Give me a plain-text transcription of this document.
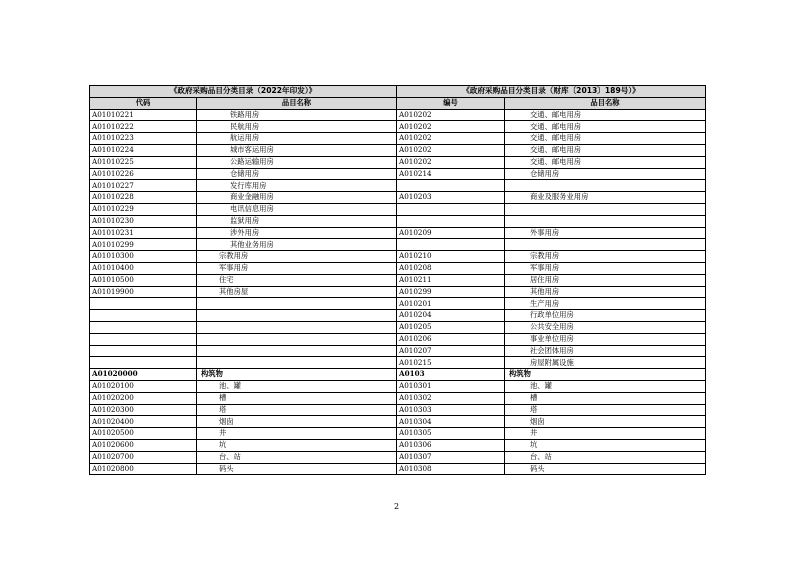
《政府采购品目分类目录（2022年印发）》		《政府采购品目分类目录（财库〔2013〕189号）》	
代码	品目名称	编号	品目名称
A01010221	铁路用房	A010202	交通、邮电用房
A01010222	民航用房	A010202	交通、邮电用房
A01010223	航运用房	A010202	交通、邮电用房
A01010224	城市客运用房	A010202	交通、邮电用房
A01010225	公路运输用房	A010202	交通、邮电用房
A01010226	仓储用房	A010214	仓储用房
A01010227	发行库用房		
A01010228	商业金融用房	A010203	商业及服务业用房
A01010229	电讯信息用房		
A01010230	监狱用房		
A01010231	涉外用房	A010209	外事用房
A01010299	其他业务用房		
A01010300	宗教用房	A010210	宗教用房
A01010400	军事用房	A010208	军事用房
A01010500	住宅	A010211	居住用房
A01019900	其他房屋	A010299	其他用房
		A010201	生产用房
		A010204	行政单位用房
		A010205	公共安全用房
		A010206	事业单位用房
		A010207	社会团体用房
		A010215	房屋附属设施
A01020000	构筑物	A0103	构筑物
A01020100	池、罐	A010301	池、罐
A01020200	槽	A010302	槽
A01020300	塔	A010303	塔
A01020400	烟囱	A010304	烟囱
A01020500	井	A010305	井
A01020600	坑	A010306	坑
A01020700	台、站	A010307	台、站
A01020800	码头	A010308	码头
2
